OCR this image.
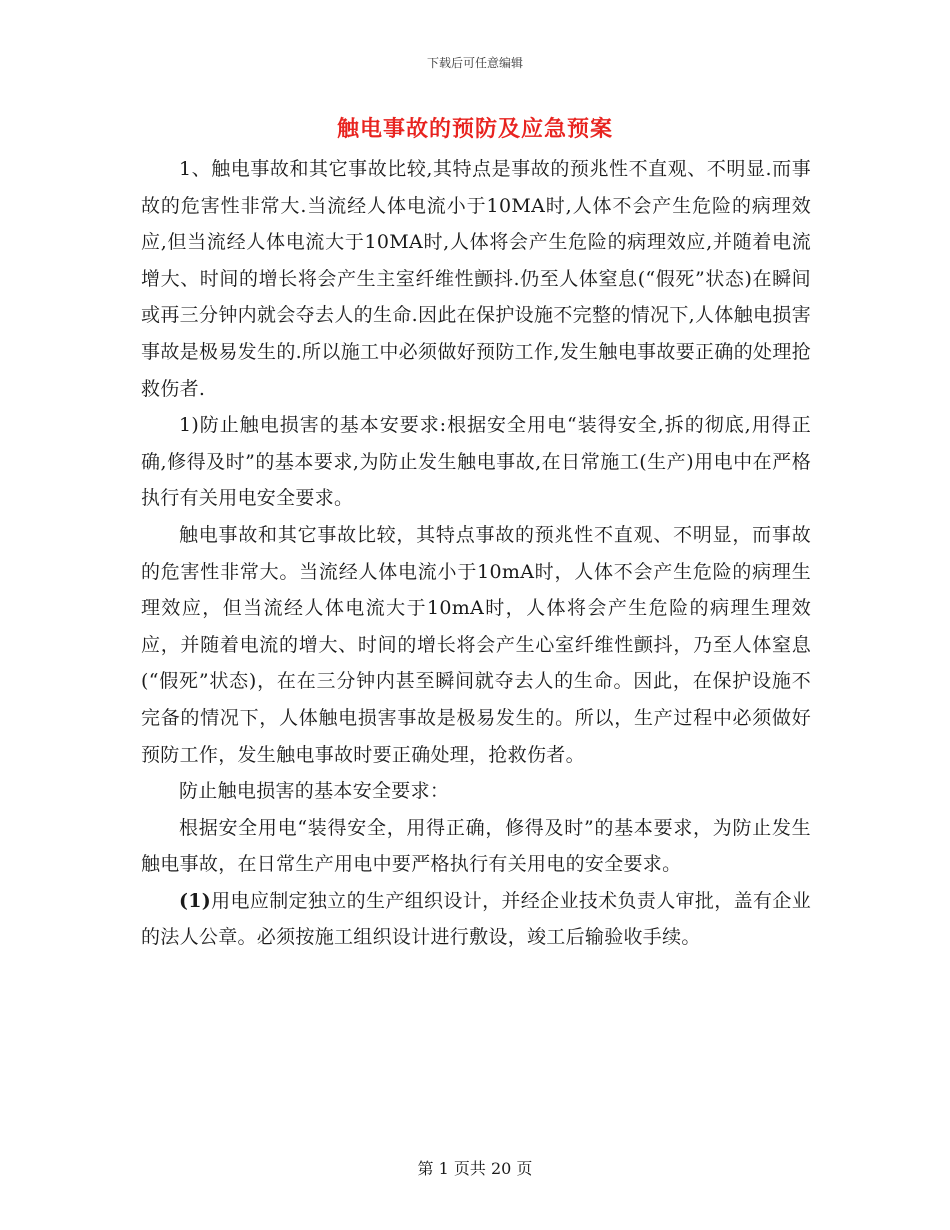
下载后可任意编辑
触电事故的预防及应急预案

1、触电事故和其它事故比较,其特点是事故的预兆性不直观、不明显.而事故的危害性非常大.当流经人体电流小于10MA时,人体不会产生危险的病理效应,但当流经人体电流大于10MA时,人体将会产生危险的病理效应,并随着电流增大、时间的增长将会产生主室纤维性颤抖.仍至人体窒息(“假死”状态)在瞬间或再三分钟内就会夺去人的生命.因此在保护设施不完整的情况下,人体触电损害事故是极易发生的.所以施工中必须做好预防工作,发生触电事故要正确的处理抢救伤者.

1)防止触电损害的基本安要求:根据安全用电“装得安全,拆的彻底,用得正确,修得及时”的基本要求,为防止发生触电事故,在日常施工(生产)用电中在严格执行有关用电安全要求。

触电事故和其它事故比较，其特点事故的预兆性不直观、不明显，而事故的危害性非常大。当流经人体电流小于10mA时，人体不会产生危险的病理生理效应，但当流经人体电流大于10mA时，人体将会产生危险的病理生理效应，并随着电流的增大、时间的增长将会产生心室纤维性颤抖，乃至人体窒息(“假死”状态)，在在三分钟内甚至瞬间就夺去人的生命。因此，在保护设施不完备的情况下，人体触电损害事故是极易发生的。所以，生产过程中必须做好预防工作，发生触电事故时要正确处理，抢救伤者。

防止触电损害的基本安全要求：

根据安全用电“装得安全，用得正确，修得及时”的基本要求，为防止发生触电事故，在日常生产用电中要严格执行有关用电的安全要求。

(1)用电应制定独立的生产组织设计，并经企业技术负责人审批，盖有企业的法人公章。必须按施工组织设计进行敷设，竣工后输验收手续。

第 1 页共 20 页
